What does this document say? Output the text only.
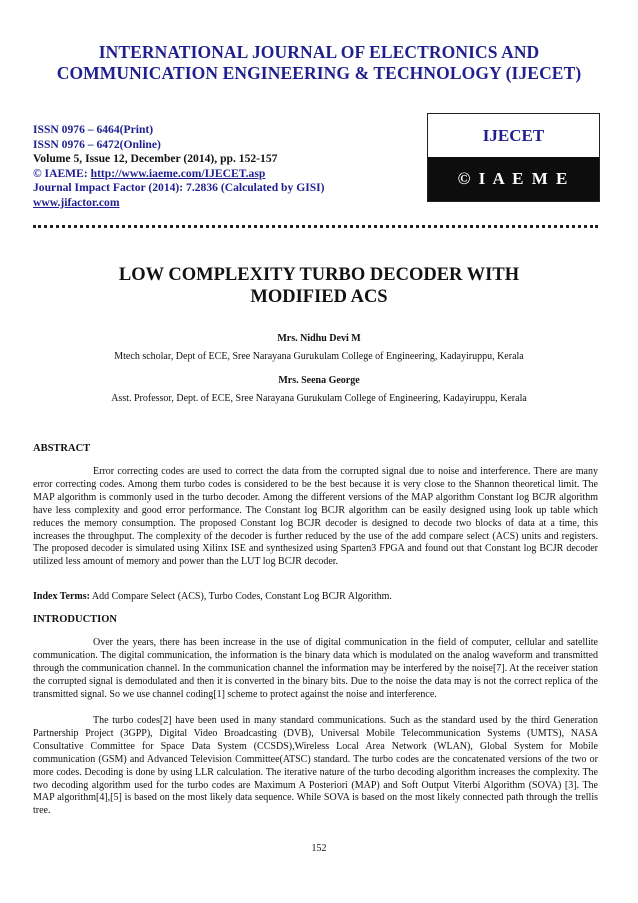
INTERNATIONAL JOURNAL OF ELECTRONICS AND
COMMUNICATION ENGINEERING & TECHNOLOGY (IJECET)
ISSN 0976 – 6464(Print)
ISSN 0976 – 6472(Online)
Volume 5, Issue 12, December (2014), pp. 152-157
© IAEME: http://www.iaeme.com/IJECET.asp
Journal Impact Factor (2014): 7.2836 (Calculated by GISI)
www.jifactor.com
IJECET
© I A E M E
LOW COMPLEXITY TURBO DECODER WITH
MODIFIED ACS
Mrs. Nidhu Devi M
Mtech scholar, Dept of ECE, Sree Narayana Gurukulam College of Engineering, Kadayiruppu, Kerala
Mrs. Seena George
Asst. Professor, Dept. of ECE, Sree Narayana Gurukulam College of Engineering, Kadayiruppu, Kerala
ABSTRACT
Error correcting codes are used to correct the data from the corrupted signal due to noise and interference. There are many error correcting codes. Among them turbo codes is considered to be the best because it is very close to the Shannon theoretical limit. The MAP algorithm is commonly used in the turbo decoder. Among the different versions of the MAP algorithm Constant log BCJR algorithm have less complexity and good error performance. The Constant log BCJR algorithm can be easily designed using look up table which reduces the memory consumption. The proposed Constant log BCJR decoder is designed to decode two blocks of data at a time, this increases the throughput. The complexity of the decoder is further reduced by the use of the add compare select (ACS) units and registers. The proposed decoder is simulated using Xilinx ISE and synthesized using Sparten3 FPGA and found out that Constant log BCJR decoder utilized less amount of memory and power than the LUT log BCJR decoder.
Index Terms: Add Compare Select (ACS), Turbo Codes, Constant Log BCJR Algorithm.
INTRODUCTION
Over the years, there has been increase in the use of digital communication in the field of computer, cellular and satellite communication. The digital communication, the information is the binary data which is modulated on the analog waveform and transmitted through the communication channel. In the communication channel the information may be interfered by the noise[7]. At the receiver station the corrupted signal is demodulated and then it is converted in the binary bits. Due to the noise the data may is not the correct replica of the transmitted signal. So we use channel coding[1] scheme to protect against the noise and interference.
The turbo codes[2] have been used in many standard communications. Such as the standard used by the third Generation Partnership Project (3GPP), Digital Video Broadcasting (DVB), Universal Mobile Telecommunication Systems (UMTS), NASA Consultative Committee for Space Data System (CCSDS),Wireless Local Area Network (WLAN), Global System for Mobile communication (GSM) and Advanced Television Committee(ATSC) standard. The turbo codes are the concatenated versions of the two or more codes. Decoding is done by using LLR calculation. The iterative nature of the turbo decoding algorithm increases the complexity. The two decoding algorithm used for the turbo codes are Maximum A Posteriori (MAP) and Soft Output Viterbi Algorithm (SOVA) [3]. The MAP algorithm[4],[5] is based on the most likely data sequence. While SOVA is based on the most likely connected path through the trellis tree.
152
